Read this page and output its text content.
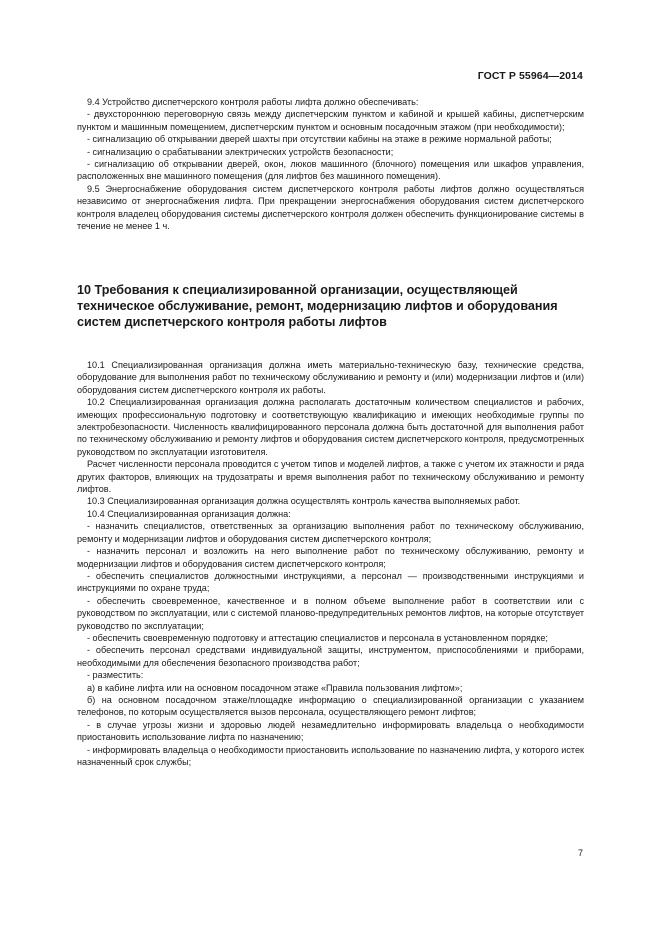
ГОСТ Р 55964—2014

9.4 Устройство диспетчерского контроля работы лифта должно обеспечивать:

- двухстороннюю переговорную связь между диспетчерским пунктом и кабиной и крышей кабины, диспетчерским пунктом и машинным помещением, диспетчерским пунктом и основным посадочным этажом (при необходимости);

- сигнализацию об открывании дверей шахты при отсутствии кабины на этаже в режиме нормальной работы;

- сигнализацию о срабатывании электрических устройств безопасности;

- сигнализацию об открывании дверей, окон, люков машинного (блочного) помещения или шкафов управления, расположенных вне машинного помещения (для лифтов без машинного помещения).

9.5 Энергоснабжение оборудования систем диспетчерского контроля работы лифтов должно осуществляться независимо от энергоснабжения лифта. При прекращении энергоснабжения оборудования систем диспетчерского контроля владелец оборудования системы диспетчерского контроля должен обеспечить функционирование системы в течение не менее 1 ч.

10 Требования к специализированной организации, осуществляющей техническое обслуживание, ремонт, модернизацию лифтов и оборудования систем диспетчерского контроля работы лифтов

10.1 Специализированная организация должна иметь материально-техническую базу, технические средства, оборудование для выполнения работ по техническому обслуживанию и ремонту и (или) модернизации лифтов и (или) оборудования систем диспетчерского контроля их работы.

10.2 Специализированная организация должна располагать достаточным количеством специалистов и рабочих, имеющих профессиональную подготовку и соответствующую квалификацию и имеющих необходимые группы по электробезопасности. Численность квалифицированного персонала должна быть достаточной для выполнения работ по техническому обслуживанию и ремонту лифтов и оборудования систем диспетчерского контроля, предусмотренных руководством по эксплуатации изготовителя.

Расчет численности персонала проводится с учетом типов и моделей лифтов, а также с учетом их этажности и ряда других факторов, влияющих на трудозатраты и время выполнения работ по техническому обслуживанию и ремонту лифтов.

10.3 Специализированная организация должна осуществлять контроль качества выполняемых работ.

10.4 Специализированная организация должна:

- назначить специалистов, ответственных за организацию выполнения работ по техническому обслуживанию, ремонту и модернизации лифтов и оборудования систем диспетчерского контроля;

- назначить персонал и возложить на него выполнение работ по техническому обслуживанию, ремонту и модернизации лифтов и оборудования систем диспетчерского контроля;

- обеспечить специалистов должностными инструкциями, а персонал — производственными инструкциями и инструкциями по охране труда;

- обеспечить своевременное, качественное и в полном объеме выполнение работ в соответствии или с руководством по эксплуатации, или с системой планово-предупредительных ремонтов лифтов, на которые отсутствует руководство по эксплуатации;

- обеспечить своевременную подготовку и аттестацию специалистов и персонала в установленном порядке;

- обеспечить персонал средствами индивидуальной защиты, инструментом, приспособлениями и приборами, необходимыми для обеспечения безопасного производства работ;

- разместить:

а) в кабине лифта или на основном посадочном этаже «Правила пользования лифтом»;

б) на основном посадочном этаже/площадке информацию о специализированной организации с указанием телефонов, по которым осуществляется вызов персонала, осуществляющего ремонт лифтов;

- в случае угрозы жизни и здоровью людей незамедлительно информировать владельца о необходимости приостановить использование лифта по назначению;

- информировать владельца о необходимости приостановить использование по назначению лифта, у которого истек назначенный срок службы;

7
